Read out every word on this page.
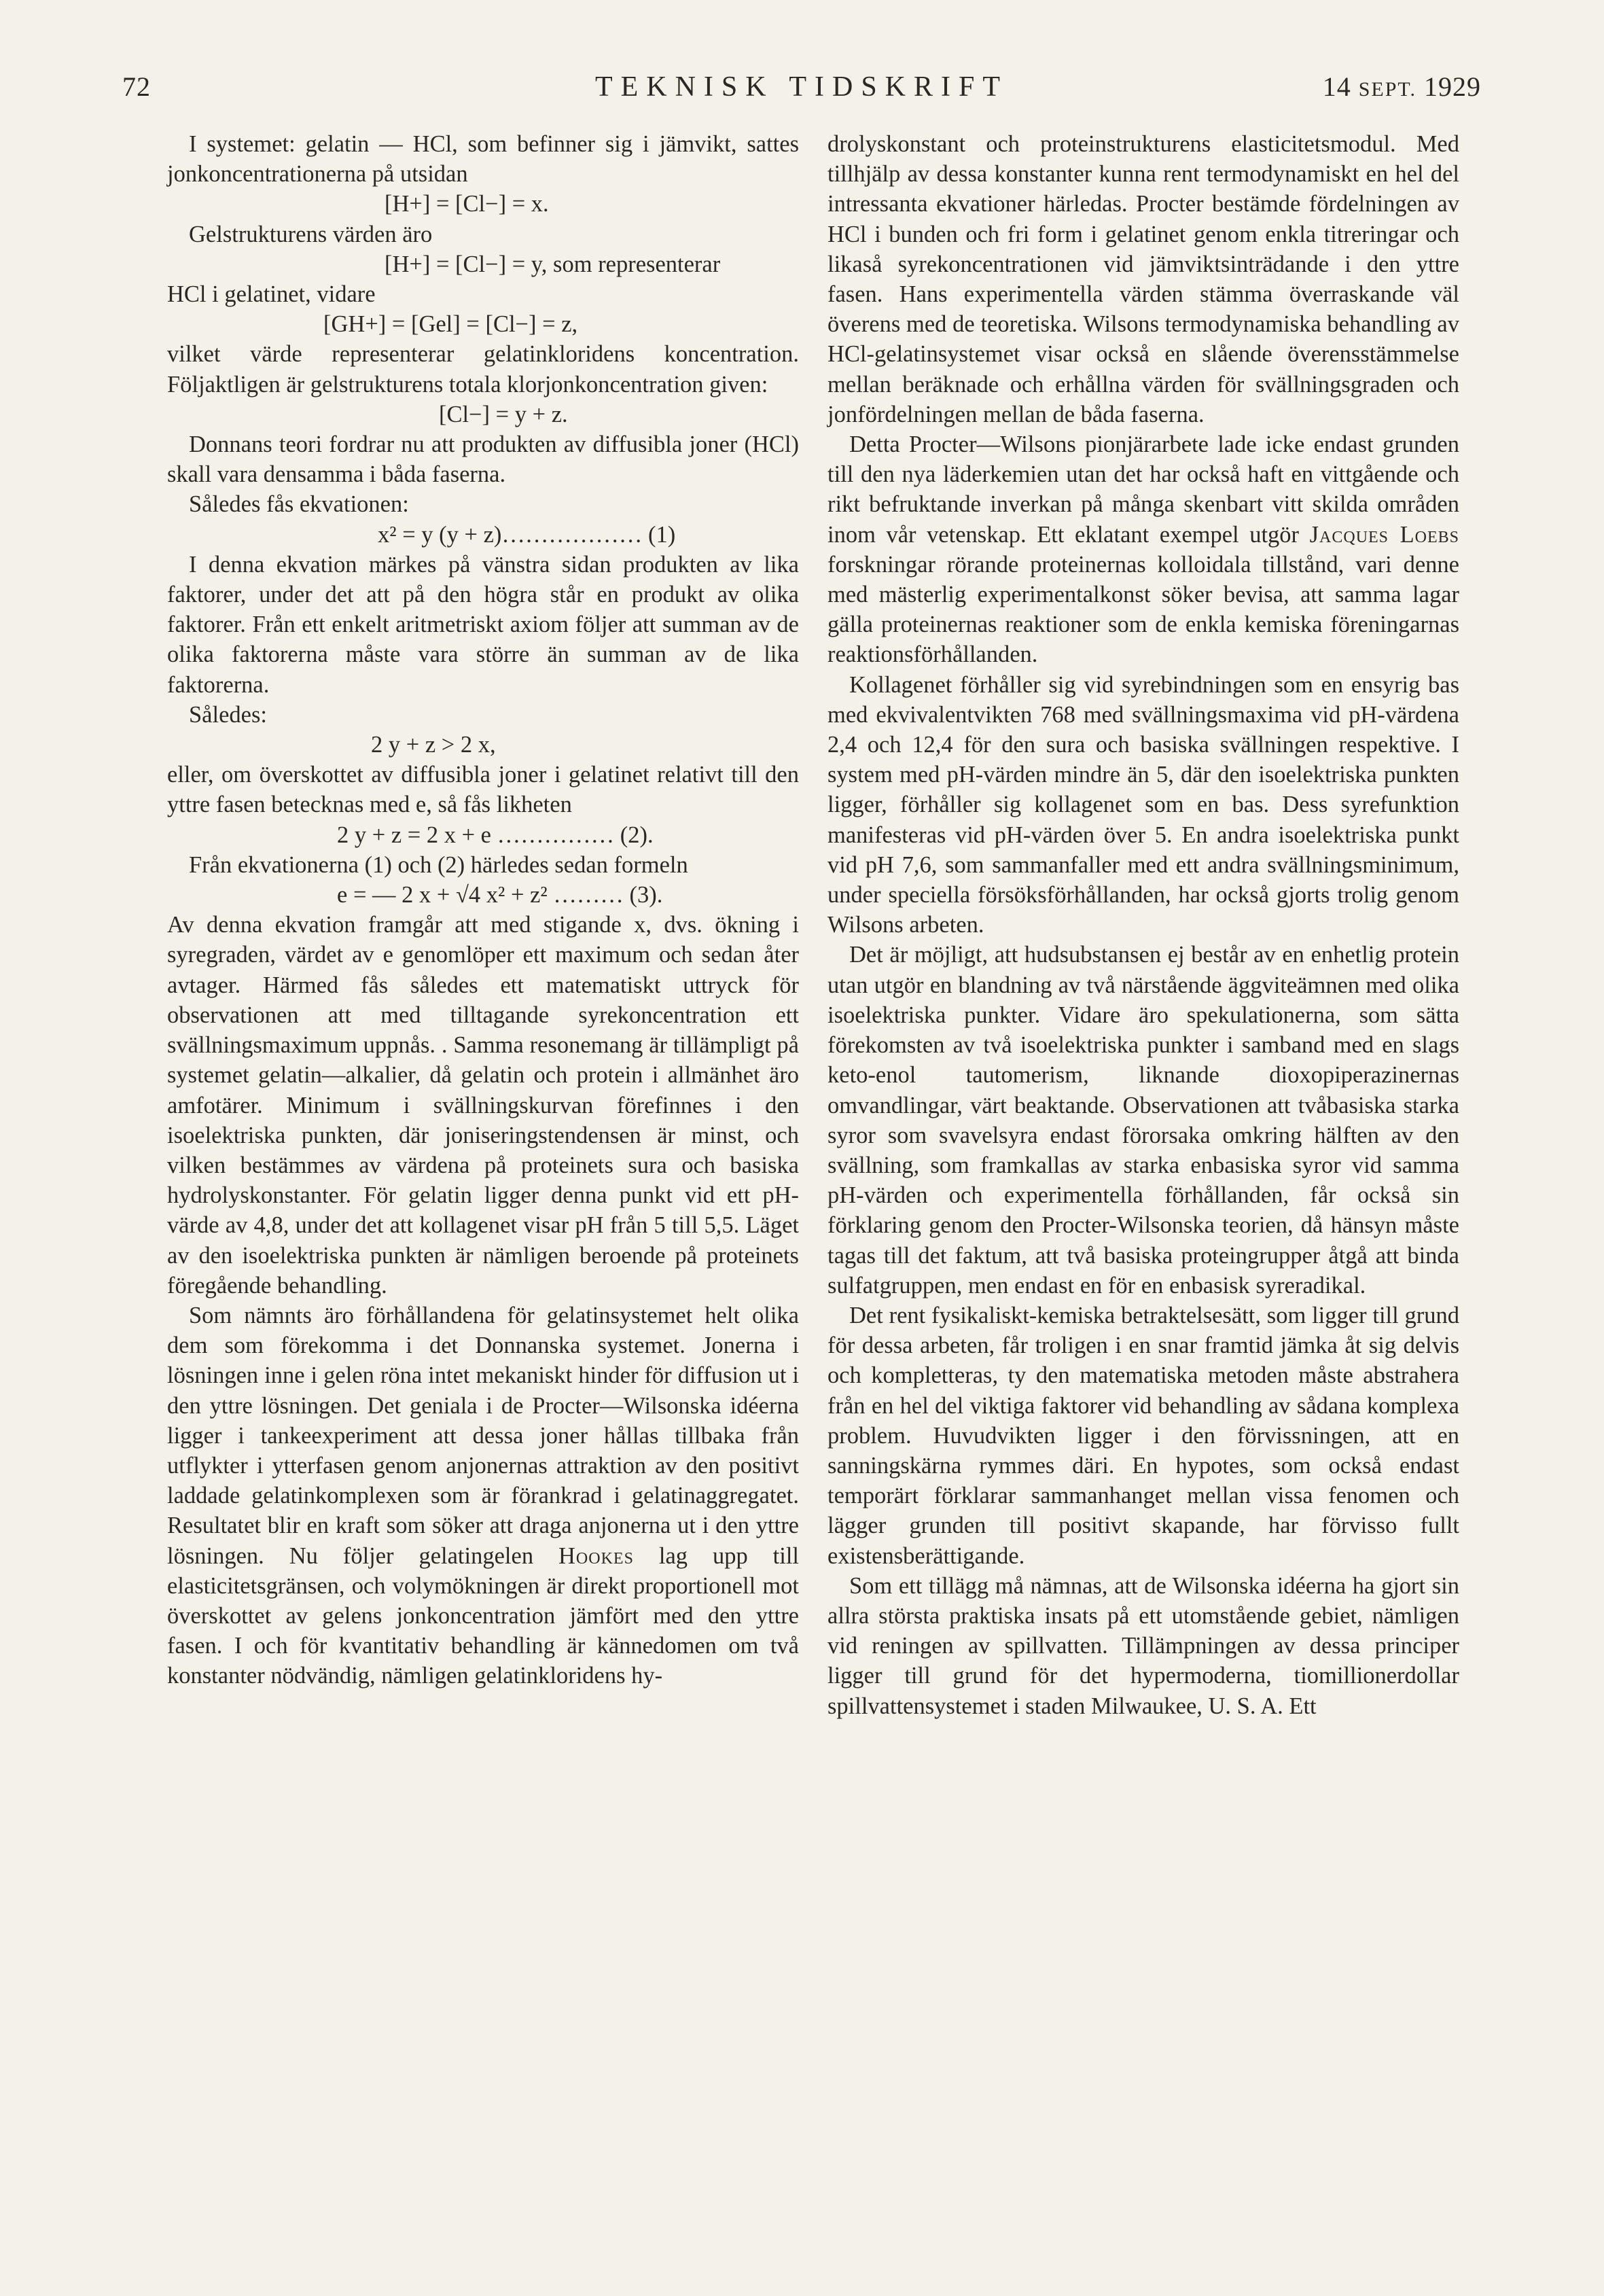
72	TEKNISK TIDSKRIFT	14 SEPT. 1929

I systemet: gelatin — HCl, som befinner sig i jämvikt, sattes jonkoncentrationerna på utsidan

[H+] = [Cl−] = x.

Gelstrukturens värden äro

[H+] = [Cl−] = y, som representerar

HCl i gelatinet, vidare

[GH+] = [Gel] = [Cl−] = z,

vilket värde representerar gelatinkloridens koncentration. Följaktligen är gelstrukturens totala klorjonkoncentration given:

[Cl−] = y + z.

Donnans teori fordrar nu att produkten av diffusibla joner (HCl) skall vara densamma i båda faserna.

Således fås ekvationen:

x² = y (y + z)……………… (1)

I denna ekvation märkes på vänstra sidan produkten av lika faktorer, under det att på den högra står en produkt av olika faktorer. Från ett enkelt aritmetriskt axiom följer att summan av de olika faktorerna måste vara större än summan av de lika faktorerna.

Således:

2 y + z > 2 x,

eller, om överskottet av diffusibla joner i gelatinet relativt till den yttre fasen betecknas med e, så fås likheten

2 y + z = 2 x + e …………… (2).

Från ekvationerna (1) och (2) härledes sedan formeln

e = — 2 x + √4 x² + z² ……… (3).

Av denna ekvation framgår att med stigande x, dvs. ökning i syregraden, värdet av e genomlöper ett maximum och sedan åter avtager. Härmed fås således ett matematiskt uttryck för observationen att med tilltagande syrekoncentration ett svällningsmaximum uppnås. . Samma resonemang är tillämpligt på systemet gelatin—alkalier, då gelatin och protein i allmänhet äro amfotärer. Minimum i svällningskurvan förefinnes i den isoelektriska punkten, där joniseringstendensen är minst, och vilken bestämmes av värdena på proteinets sura och basiska hydrolyskonstanter. För gelatin ligger denna punkt vid ett pH-värde av 4,8, under det att kollagenet visar pH från 5 till 5,5. Läget av den isoelektriska punkten är nämligen beroende på proteinets föregående behandling.

Som nämnts äro förhållandena för gelatinsystemet helt olika dem som förekomma i det Donnanska systemet. Jonerna i lösningen inne i gelen röna intet mekaniskt hinder för diffusion ut i den yttre lösningen. Det geniala i de Procter—Wilsonska idéerna ligger i tankeexperiment att dessa joner hållas tillbaka från utflykter i ytterfasen genom anjonernas attraktion av den positivt laddade gelatinkomplexen som är förankrad i gelatinaggregatet. Resultatet blir en kraft som söker att draga anjonerna ut i den yttre lösningen. Nu följer gelatingelen Hookes lag upp till elasticitetsgränsen, och volymökningen är direkt proportionell mot överskottet av gelens jonkoncentration jämfört med den yttre fasen. I och för kvantitativ behandling är kännedomen om två konstanter nödvändig, nämligen gelatinkloridens hy-

drolyskonstant och proteinstrukturens elasticitetsmodul. Med tillhjälp av dessa konstanter kunna rent termodynamiskt en hel del intressanta ekvationer härledas. Procter bestämde fördelningen av HCl i bunden och fri form i gelatinet genom enkla titreringar och likaså syrekoncentrationen vid jämviktsinträdande i den yttre fasen. Hans experimentella värden stämma överraskande väl överens med de teoretiska. Wilsons termodynamiska behandling av HCl-gelatinsystemet visar också en slående överensstämmelse mellan beräknade och erhållna värden för svällningsgraden och jonfördelningen mellan de båda faserna.

Detta Procter—Wilsons pionjärarbete lade icke endast grunden till den nya läderkemien utan det har också haft en vittgående och rikt befruktande inverkan på många skenbart vitt skilda områden inom vår vetenskap. Ett eklatant exempel utgör Jacques Loebs forskningar rörande proteinernas kolloidala tillstånd, vari denne med mästerlig experimentalkonst söker bevisa, att samma lagar gälla proteinernas reaktioner som de enkla kemiska föreningarnas reaktionsförhållanden.

Kollagenet förhåller sig vid syrebindningen som en ensyrig bas med ekvivalentvikten 768 med svällningsmaxima vid pH-värdena 2,4 och 12,4 för den sura och basiska svällningen respektive. I system med pH-värden mindre än 5, där den isoelektriska punkten ligger, förhåller sig kollagenet som en bas. Dess syrefunktion manifesteras vid pH-värden över 5. En andra isoelektriska punkt vid pH 7,6, som sammanfaller med ett andra svällningsminimum, under speciella försöksförhållanden, har också gjorts trolig genom Wilsons arbeten.

Det är möjligt, att hudsubstansen ej består av en enhetlig protein utan utgör en blandning av två närstående äggviteämnen med olika isoelektriska punkter. Vidare äro spekulationerna, som sätta förekomsten av två isoelektriska punkter i samband med en slags keto-enol tautomerism, liknande dioxopiperazinernas omvandlingar, värt beaktande. Observationen att tvåbasiska starka syror som svavelsyra endast förorsaka omkring hälften av den svällning, som framkallas av starka enbasiska syror vid samma pH-värden och experimentella förhållanden, får också sin förklaring genom den Procter-Wilsonska teorien, då hänsyn måste tagas till det faktum, att två basiska proteingrupper åtgå att binda sulfatgruppen, men endast en för en enbasisk syreradikal.

Det rent fysikaliskt-kemiska betraktelsesätt, som ligger till grund för dessa arbeten, får troligen i en snar framtid jämka åt sig delvis och kompletteras, ty den matematiska metoden måste abstrahera från en hel del viktiga faktorer vid behandling av sådana komplexa problem. Huvudvikten ligger i den förvissningen, att en sanningskärna rymmes däri. En hypotes, som också endast temporärt förklarar sammanhanget mellan vissa fenomen och lägger grunden till positivt skapande, har förvisso fullt existensberättigande.

Som ett tillägg må nämnas, att de Wilsonska idéerna ha gjort sin allra största praktiska insats på ett utomstående gebiet, nämligen vid reningen av spillvatten. Tillämpningen av dessa principer ligger till grund för det hypermoderna, tiomillionerdollar spillvattensystemet i staden Milwaukee, U. S. A. Ett
